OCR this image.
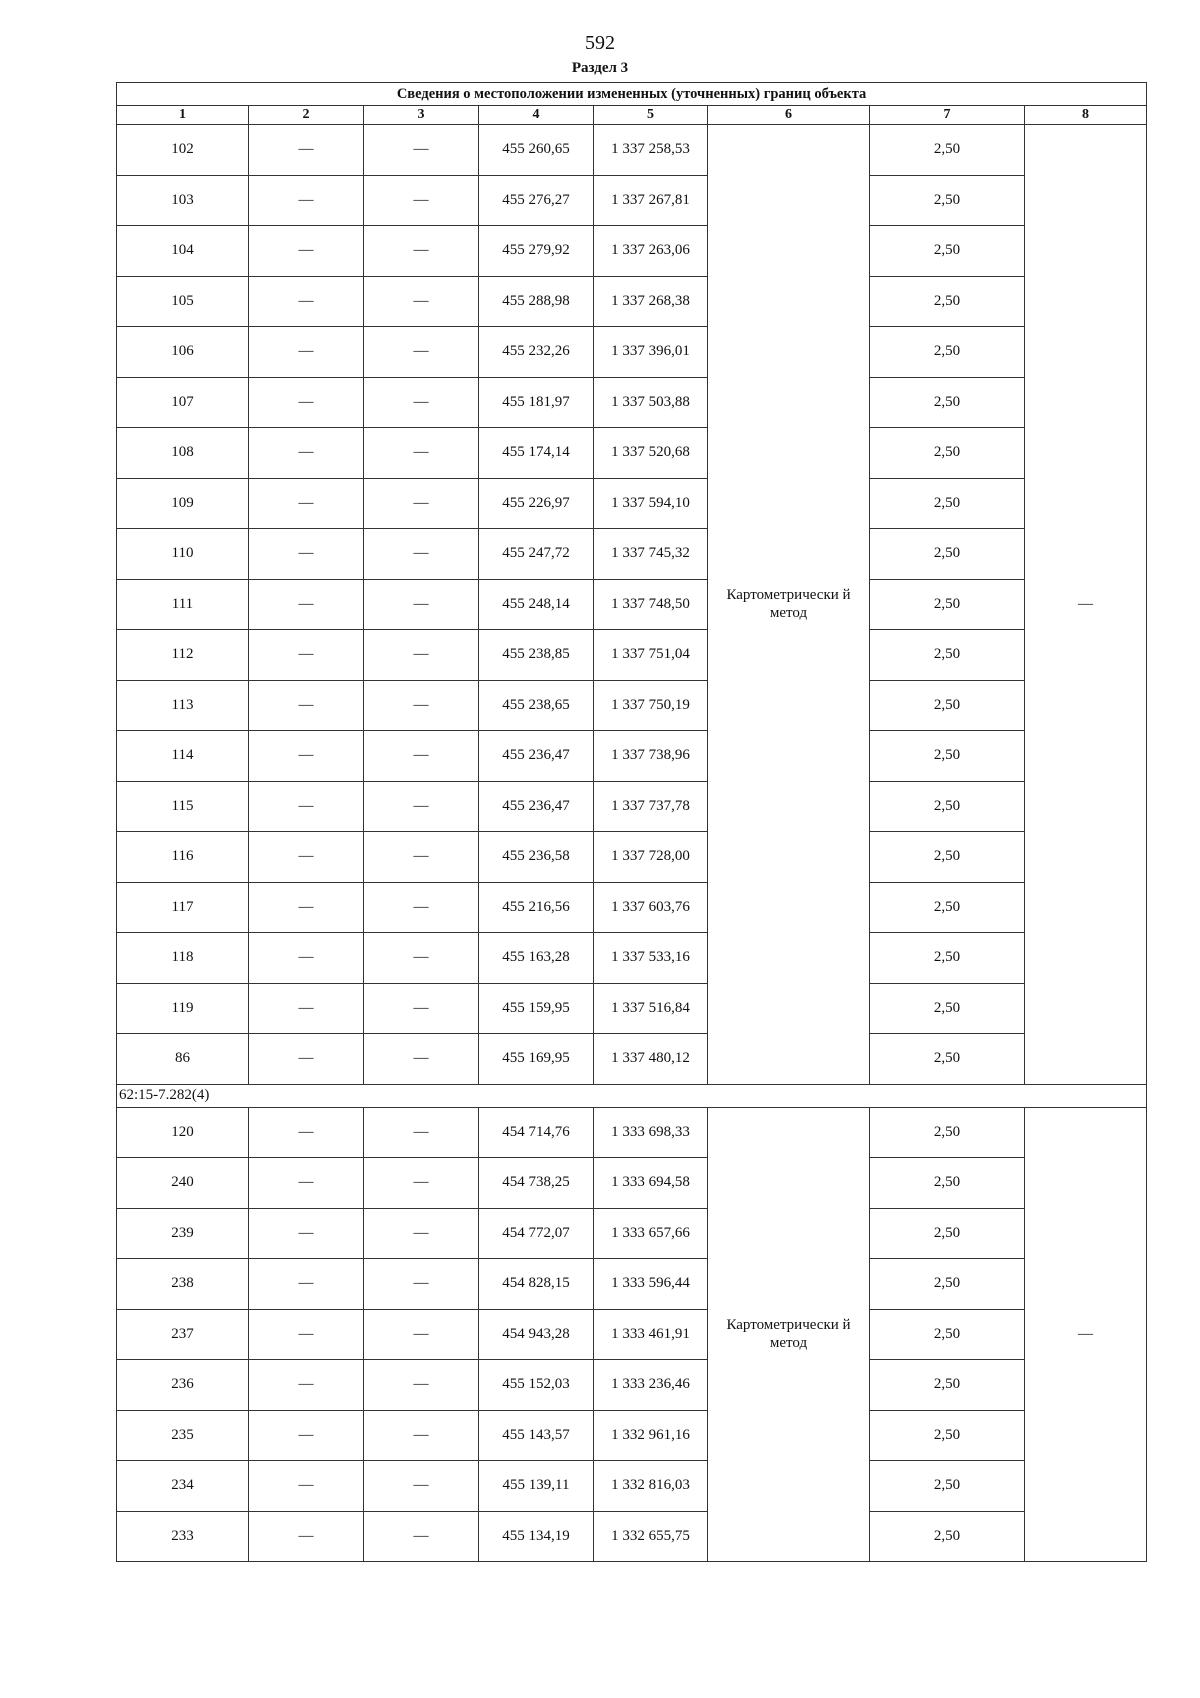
592
Раздел 3
Сведения о местоположении измененных (уточненных) границ объекта							
1	2	3	4	5	6	7	8
102	—	—	455 260,65	1 337 258,53	Картометрически й метод	2,50	—
103	—	—	455 276,27	1 337 267,81		2,50	
104	—	—	455 279,92	1 337 263,06		2,50	
105	—	—	455 288,98	1 337 268,38		2,50	
106	—	—	455 232,26	1 337 396,01		2,50	
107	—	—	455 181,97	1 337 503,88		2,50	
108	—	—	455 174,14	1 337 520,68		2,50	
109	—	—	455 226,97	1 337 594,10		2,50	
110	—	—	455 247,72	1 337 745,32		2,50	
111	—	—	455 248,14	1 337 748,50		2,50	
112	—	—	455 238,85	1 337 751,04		2,50	
113	—	—	455 238,65	1 337 750,19		2,50	
114	—	—	455 236,47	1 337 738,96		2,50	
115	—	—	455 236,47	1 337 737,78		2,50	
116	—	—	455 236,58	1 337 728,00		2,50	
117	—	—	455 216,56	1 337 603,76		2,50	
118	—	—	455 163,28	1 337 533,16		2,50	
119	—	—	455 159,95	1 337 516,84		2,50	
86	—	—	455 169,95	1 337 480,12		2,50	
62:15-7.282(4)							
120	—	—	454 714,76	1 333 698,33	Картометрически й метод	2,50	—
240	—	—	454 738,25	1 333 694,58		2,50	
239	—	—	454 772,07	1 333 657,66		2,50	
238	—	—	454 828,15	1 333 596,44		2,50	
237	—	—	454 943,28	1 333 461,91		2,50	
236	—	—	455 152,03	1 333 236,46		2,50	
235	—	—	455 143,57	1 332 961,16		2,50	
234	—	—	455 139,11	1 332 816,03		2,50	
233	—	—	455 134,19	1 332 655,75		2,50	
